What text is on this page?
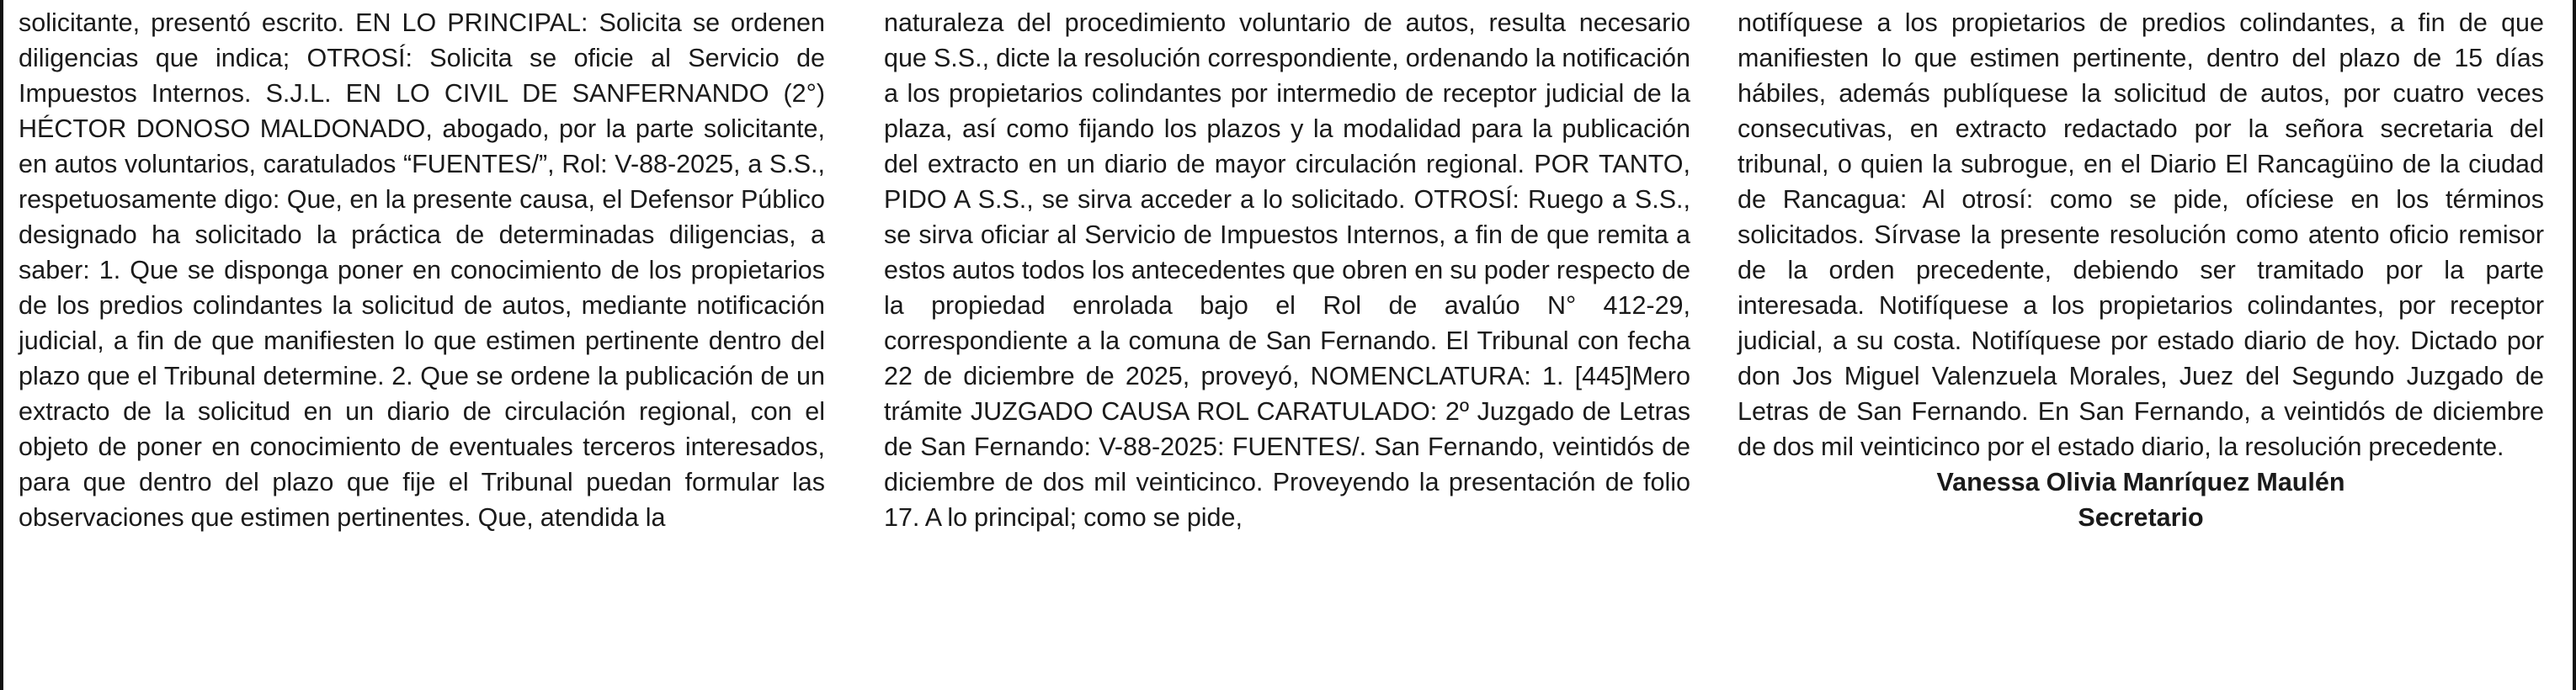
solicitante, presentó escrito. EN LO PRINCIPAL: Solicita se ordenen diligencias que indica; OTROSÍ: Solicita se oficie al Servicio de Impuestos Internos. S.J.L. EN LO CIVIL DE SANFERNANDO (2°) HÉCTOR DONOSO MALDONADO, abogado, por la parte solicitante, en autos voluntarios, caratulados “FUENTES/”, Rol: V-88-2025, a S.S., respetuosamente digo: Que, en la presente causa, el Defensor Público designado ha solicitado la práctica de determinadas diligencias, a saber: 1. Que se disponga poner en conocimiento de los propietarios de los predios colindantes la solicitud de autos, mediante notificación judicial, a fin de que manifiesten lo que estimen pertinente dentro del plazo que el Tribunal determine. 2. Que se ordene la publicación de un extracto de la solicitud en un diario de circulación regional, con el objeto de poner en conocimiento de eventuales terceros interesados, para que dentro del plazo que fije el Tribunal puedan formular las observaciones que estimen pertinentes. Que, atendida la
naturaleza del procedimiento voluntario de autos, resulta necesario que S.S., dicte la resolución correspondiente, ordenando la notificación a los propietarios colindantes por intermedio de receptor judicial de la plaza, así como fijando los plazos y la modalidad para la publicación del extracto en un diario de mayor circulación regional. POR TANTO, PIDO A S.S., se sirva acceder a lo solicitado. OTROSÍ: Ruego a S.S., se sirva oficiar al Servicio de Impuestos Internos, a fin de que remita a estos autos todos los antecedentes que obren en su poder respecto de la propiedad enrolada bajo el Rol de avalúo N° 412-29, correspondiente a la comuna de San Fernando. El Tribunal con fecha 22 de diciembre de 2025, proveyó, NOMENCLATURA: 1. [445]Mero trámite JUZGADO CAUSA ROL CARATULADO: 2º Juzgado de Letras de San Fernando: V-88-2025: FUENTES/. San Fernando, veintidós de diciembre de dos mil veinticinco. Proveyendo la presentación de folio 17. A lo principal; como se pide,
notifíquese a los propietarios de predios colindantes, a fin de que manifiesten lo que estimen pertinente, dentro del plazo de 15 días hábiles, además publíquese la solicitud de autos, por cuatro veces consecutivas, en extracto redactado por la señora secretaria del tribunal, o quien la subrogue, en el Diario El Rancagüino de la ciudad de Rancagua: Al otrosí: como se pide, ofíciese en los términos solicitados. Sírvase la presente resolución como atento oficio remisor de la orden precedente, debiendo ser tramitado por la parte interesada. Notifíquese a los propietarios colindantes, por receptor judicial, a su costa. Notifíquese por estado diario de hoy. Dictado por don Jos Miguel Valenzuela Morales, Juez del Segundo Juzgado de Letras de San Fernando. En San Fernando, a veintidós de diciembre de dos mil veinticinco por el estado diario, la resolución precedente.
Vanessa Olivia Manríquez Maulén
Secretario
